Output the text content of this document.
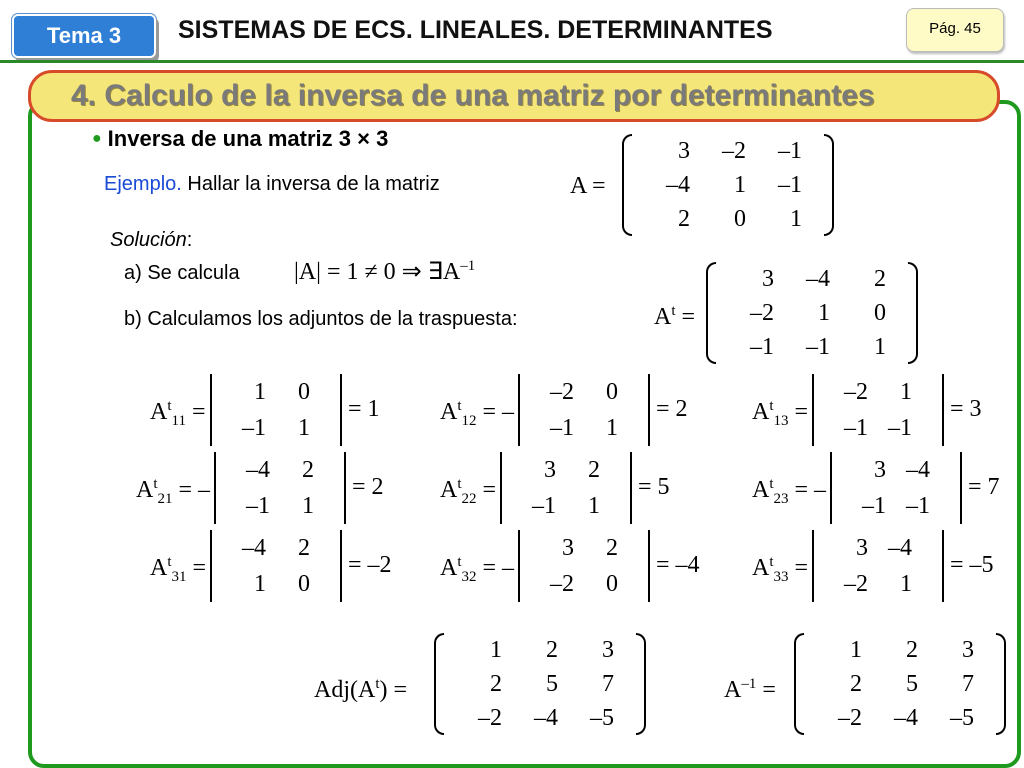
Tema 3	SISTEMAS DE ECS. LINEALES. DETERMINANTES	Pág. 45
4. Calculo de la inversa de una matriz por determinantes
● Inversa de una matriz 3 × 3
Ejemplo. Hallar la inversa de la matriz	A =
3	–2	–1
–4	1	–1
2	0	1
Solución:
a) Se calcula |A| = 1 ≠ 0 ⇒ $\exists A^{-1}$
b) Calculamos los adjuntos de la traspuesta:	$A^t$ =
3	–4	2
–2	1	0
–1	–1	1
$A^t_{11}$ =
1	0
–1	1
= 1	$A^t_{12}$ = –
–2	0
–1	1
= 2	$A^t_{13}$ =
–2	1
–1 –1
= 3
$A^t_{21}$ = –
–4	2
–1	1
= 2 $A^t_{22}$ =
3	2
–1	1
= 5	$A^t_{23}$ = –
3 –4
–1 –1
= 7
$A^t_{31}$ =
–4	2
1	0
= –2 $A^t_{32}$ = –
3	2
–2	0
= –4 $A^t_{33}$ =
3 –4
–2	1
= –5
$Adj(A^t)$ =
1	2	3
2	5	7
–2	–4	–5
$A^{-1}$ =
1	2	3
2	5	7
–2	–4	–5
